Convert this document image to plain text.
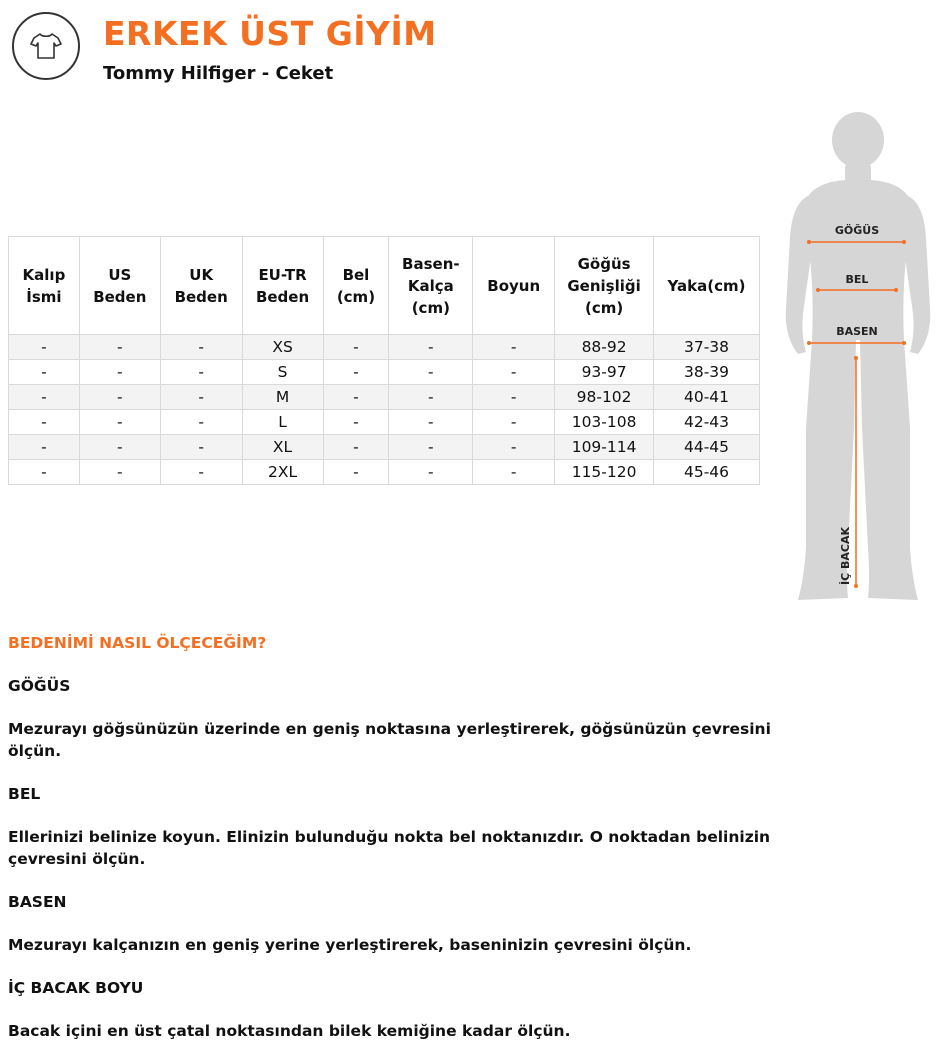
ERKEK ÜST GİYİM
Tommy Hilfiger - Ceket
Kalıp İsmi	US Beden	UK Beden	EU-TR Beden	Bel (cm)	Basen-Kalça (cm)	Boyun	Göğüs Genişliği (cm)	Yaka(cm)
-	-	-	XS	-	-	-	88-92	37-38
-	-	-	S	-	-	-	93-97	38-39
-	-	-	M	-	-	-	98-102	40-41
-	-	-	L	-	-	-	103-108	42-43
-	-	-	XL	-	-	-	109-114	44-45
-	-	-	2XL	-	-	-	115-120	45-46
GÖĞÜS
BEL
BASEN
İÇ BACAK

BEDENİMİ NASIL ÖLÇECEĞİM?

GÖĞÜS

Mezurayı göğsünüzün üzerinde en geniş noktasına yerleştirerek, göğsünüzün çevresini ölçün.

BEL

Ellerinizi belinize koyun. Elinizin bulunduğu nokta bel noktanızdır. O noktadan belinizin çevresini ölçün.

BASEN

Mezurayı kalçanızın en geniş yerine yerleştirerek, baseninizin çevresini ölçün.

İÇ BACAK BOYU

Bacak içini en üst çatal noktasından bilek kemiğine kadar ölçün.
